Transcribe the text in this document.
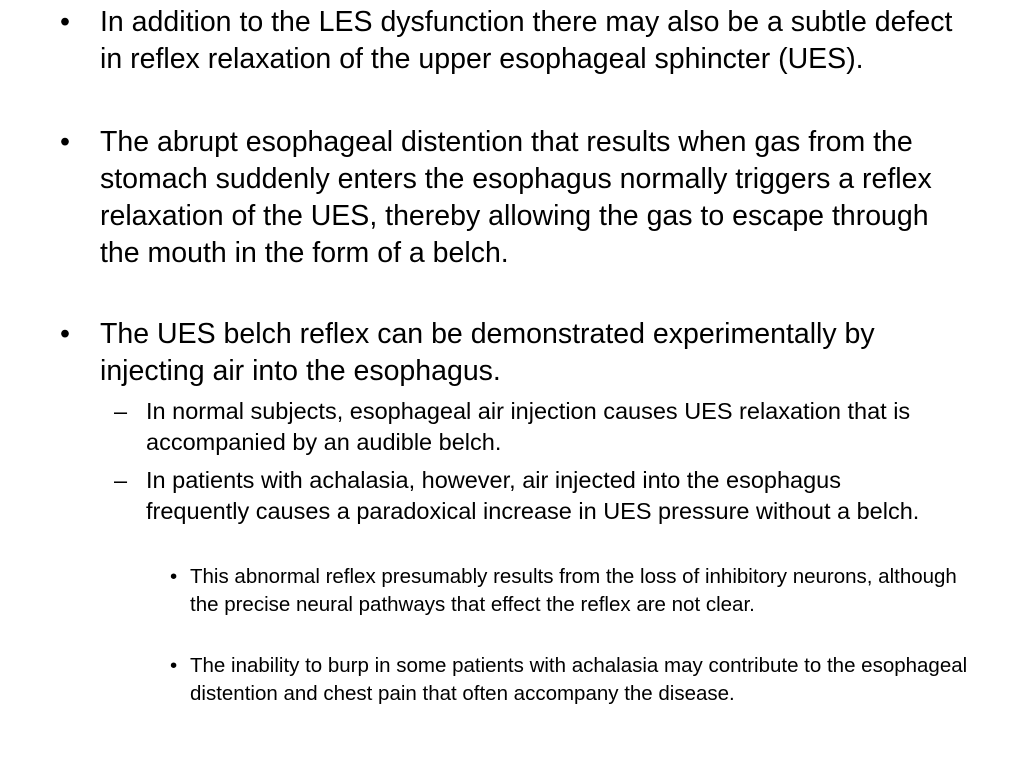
•	In addition to the LES dysfunction there may also be a subtle defect in reflex relaxation of the upper esophageal sphincter (UES).
•	The abrupt esophageal distention that results when gas from the stomach suddenly enters the esophagus normally triggers a reflex relaxation of the UES, thereby allowing the gas to escape through the mouth in the form of a belch.
•	The UES belch reflex can be demonstrated experimentally by injecting air into the esophagus.
– In normal subjects, esophageal air injection causes UES relaxation that is accompanied by an audible belch.
– In patients with achalasia, however, air injected into the esophagus frequently causes a paradoxical increase in UES pressure without a belch.
• This abnormal reflex presumably results from the loss of inhibitory neurons, although the precise neural pathways that effect the reflex are not clear.
• The inability to burp in some patients with achalasia may contribute to the esophageal distention and chest pain that often accompany the disease.
